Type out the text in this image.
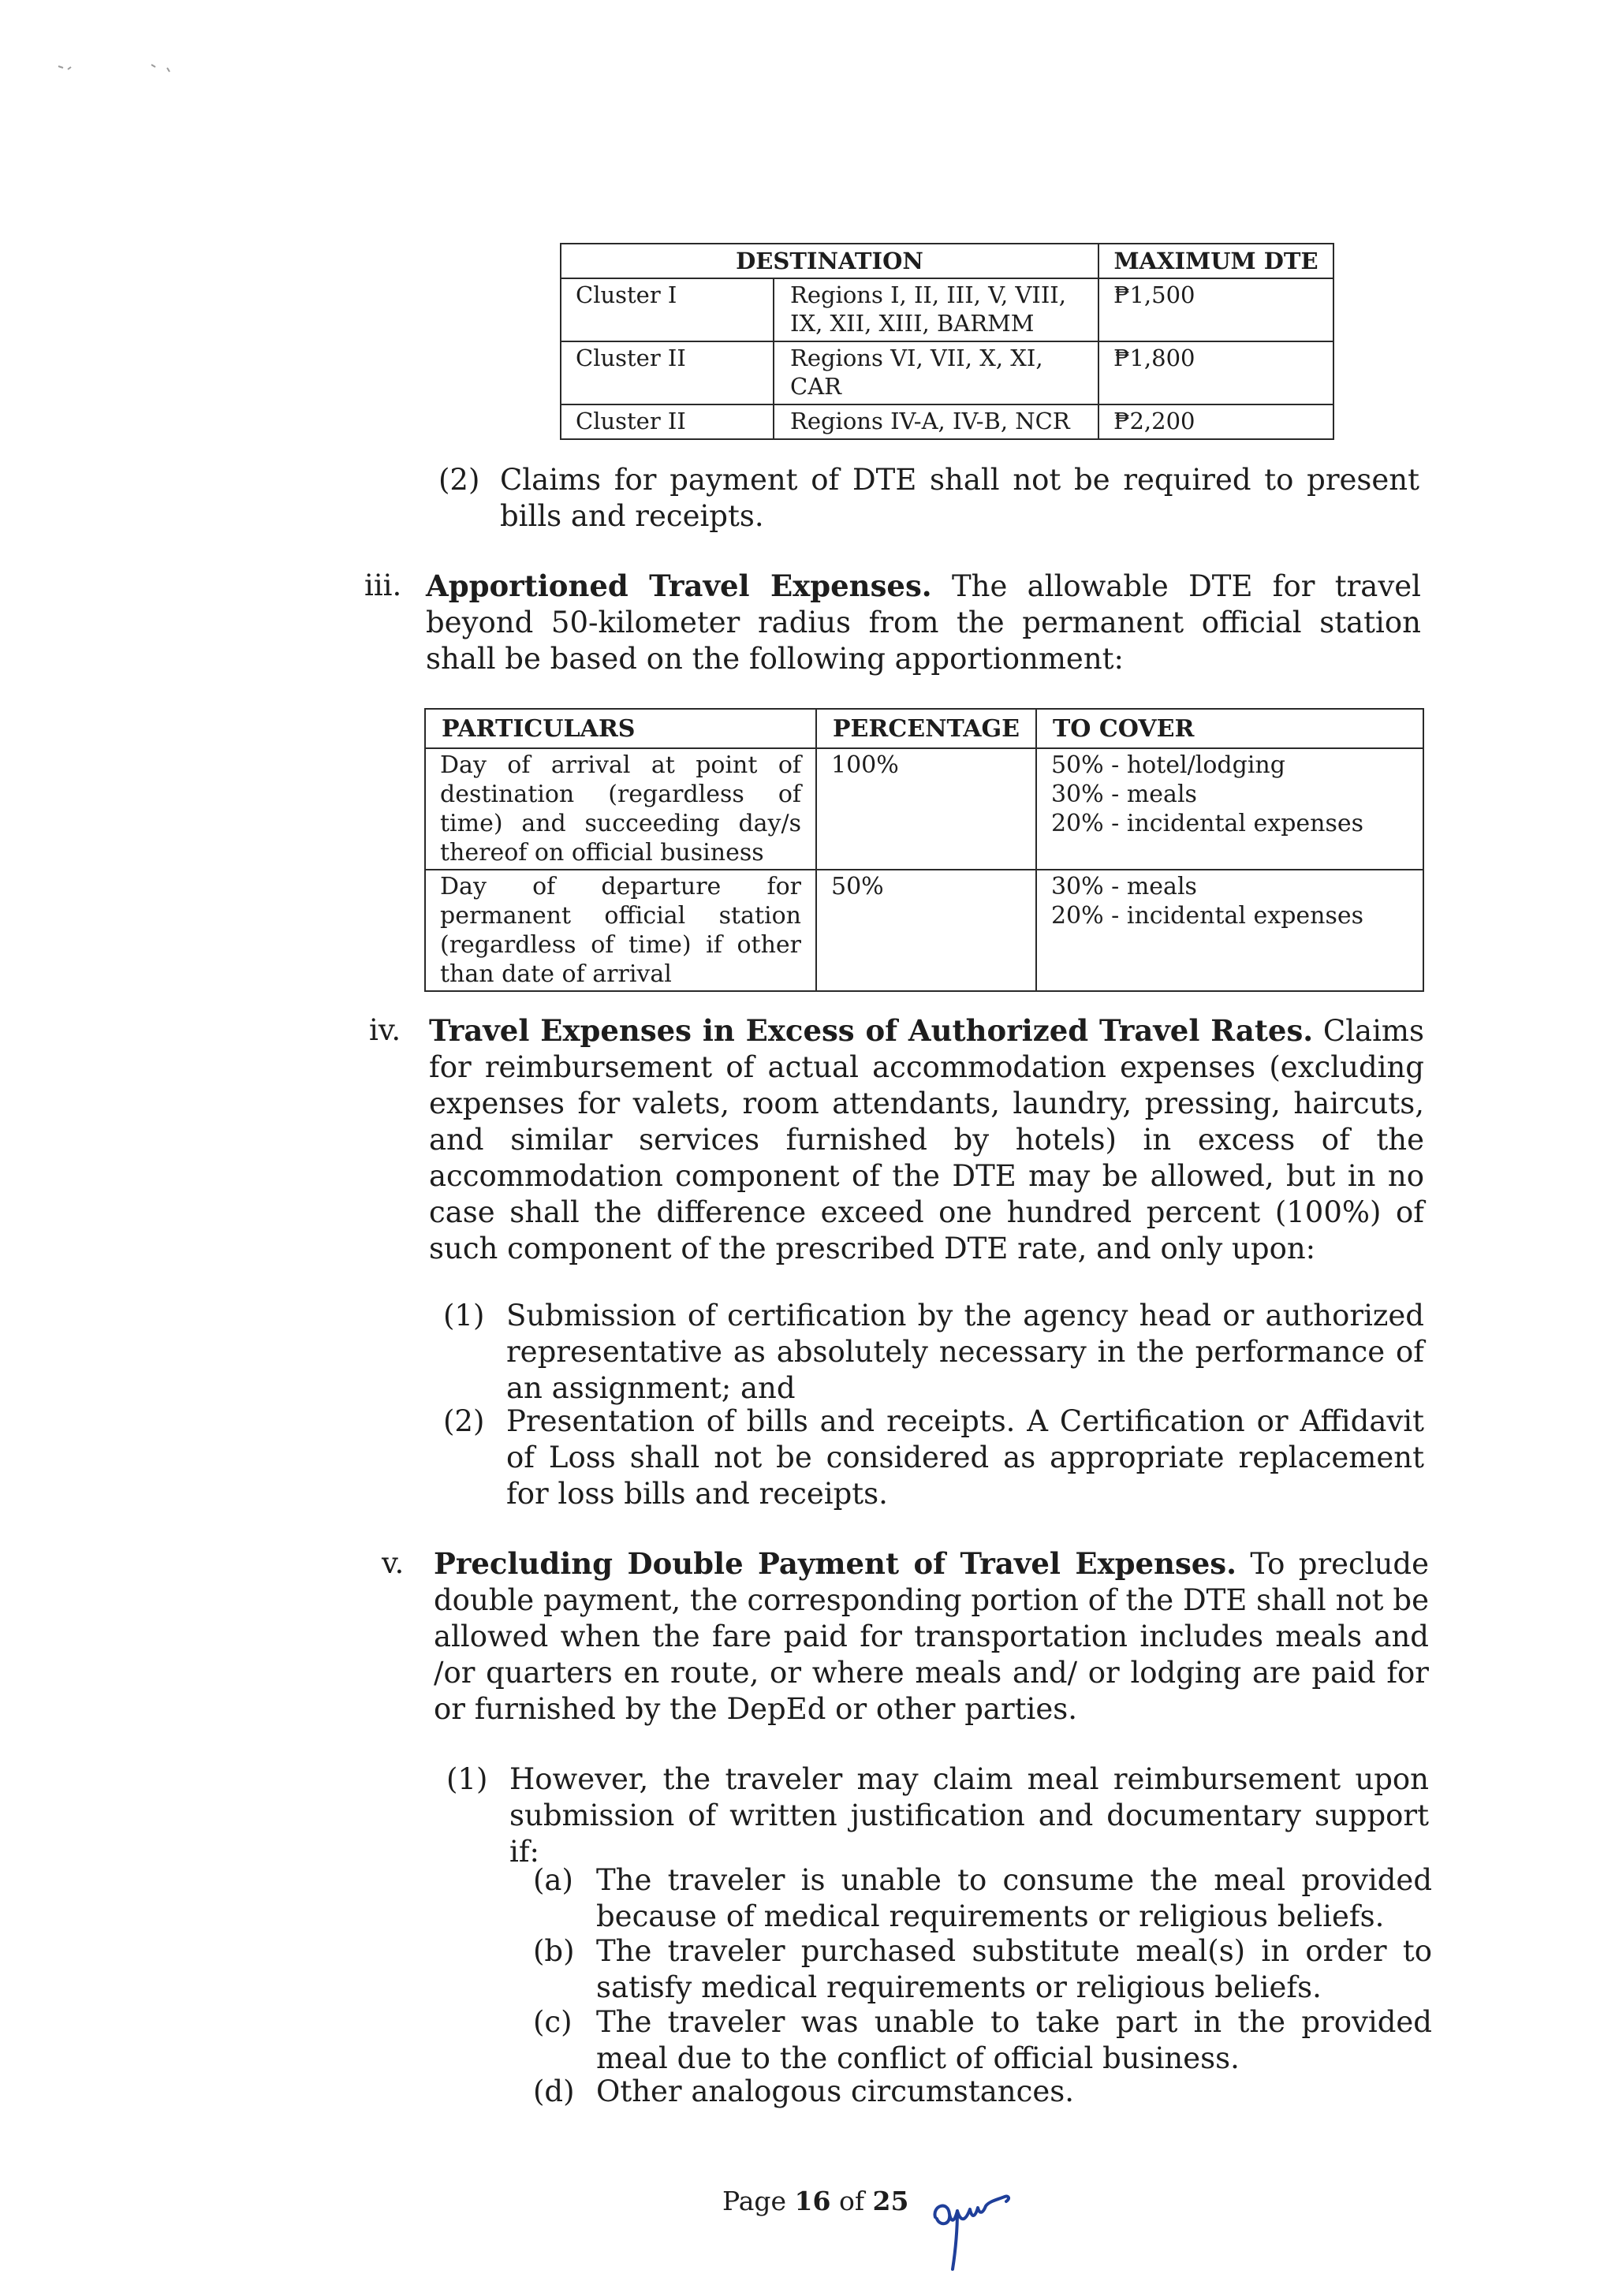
DESTINATION		MAXIMUM DTE
Cluster I	Regions I, II, III, V, VIII, IX, XII, XIII, BARMM	₱1,500
Cluster II	Regions VI, VII, X, XI, CAR	₱1,800
Cluster II	Regions IV-A, IV-B, NCR	₱2,200
(2) Claims for payment of DTE shall not be required to present bills and receipts.
iii. Apportioned Travel Expenses. The allowable DTE for travel beyond 50-kilometer radius from the permanent official station shall be based on the following apportionment:
PARTICULARS	PERCENTAGE	TO COVER
Day of arrival at point of destination (regardless of time) and succeeding day/s thereof on official business	100%	50% - hotel/lodging
30% - meals
20% - incidental expenses

Day of departure for permanent official station (regardless of time) if other than date of arrival	50%	30% - meals
20% - incidental expenses
iv. Travel Expenses in Excess of Authorized Travel Rates. Claims for reimbursement of actual accommodation expenses (excluding expenses for valets, room attendants, laundry, pressing, haircuts, and similar services furnished by hotels) in excess of the accommodation component of the DTE may be allowed, but in no case shall the difference exceed one hundred percent (100%) of such component of the prescribed DTE rate, and only upon:
(1) Submission of certification by the agency head or authorized representative as absolutely necessary in the performance of an assignment; and
(2) Presentation of bills and receipts. A Certification or Affidavit of Loss shall not be considered as appropriate replacement for loss bills and receipts.
v. Precluding Double Payment of Travel Expenses. To preclude double payment, the corresponding portion of the DTE shall not be allowed when the fare paid for transportation includes meals and /or quarters en route, or where meals and/ or lodging are paid for or furnished by the DepEd or other parties.
(1) However, the traveler may claim meal reimbursement upon submission of written justification and documentary support if:
(a) The traveler is unable to consume the meal provided because of medical requirements or religious beliefs.
(b) The traveler purchased substitute meal(s) in order to satisfy medical requirements or religious beliefs.
(c) The traveler was unable to take part in the provided meal due to the conflict of official business.
(d) Other analogous circumstances.
Page 16 of 25
